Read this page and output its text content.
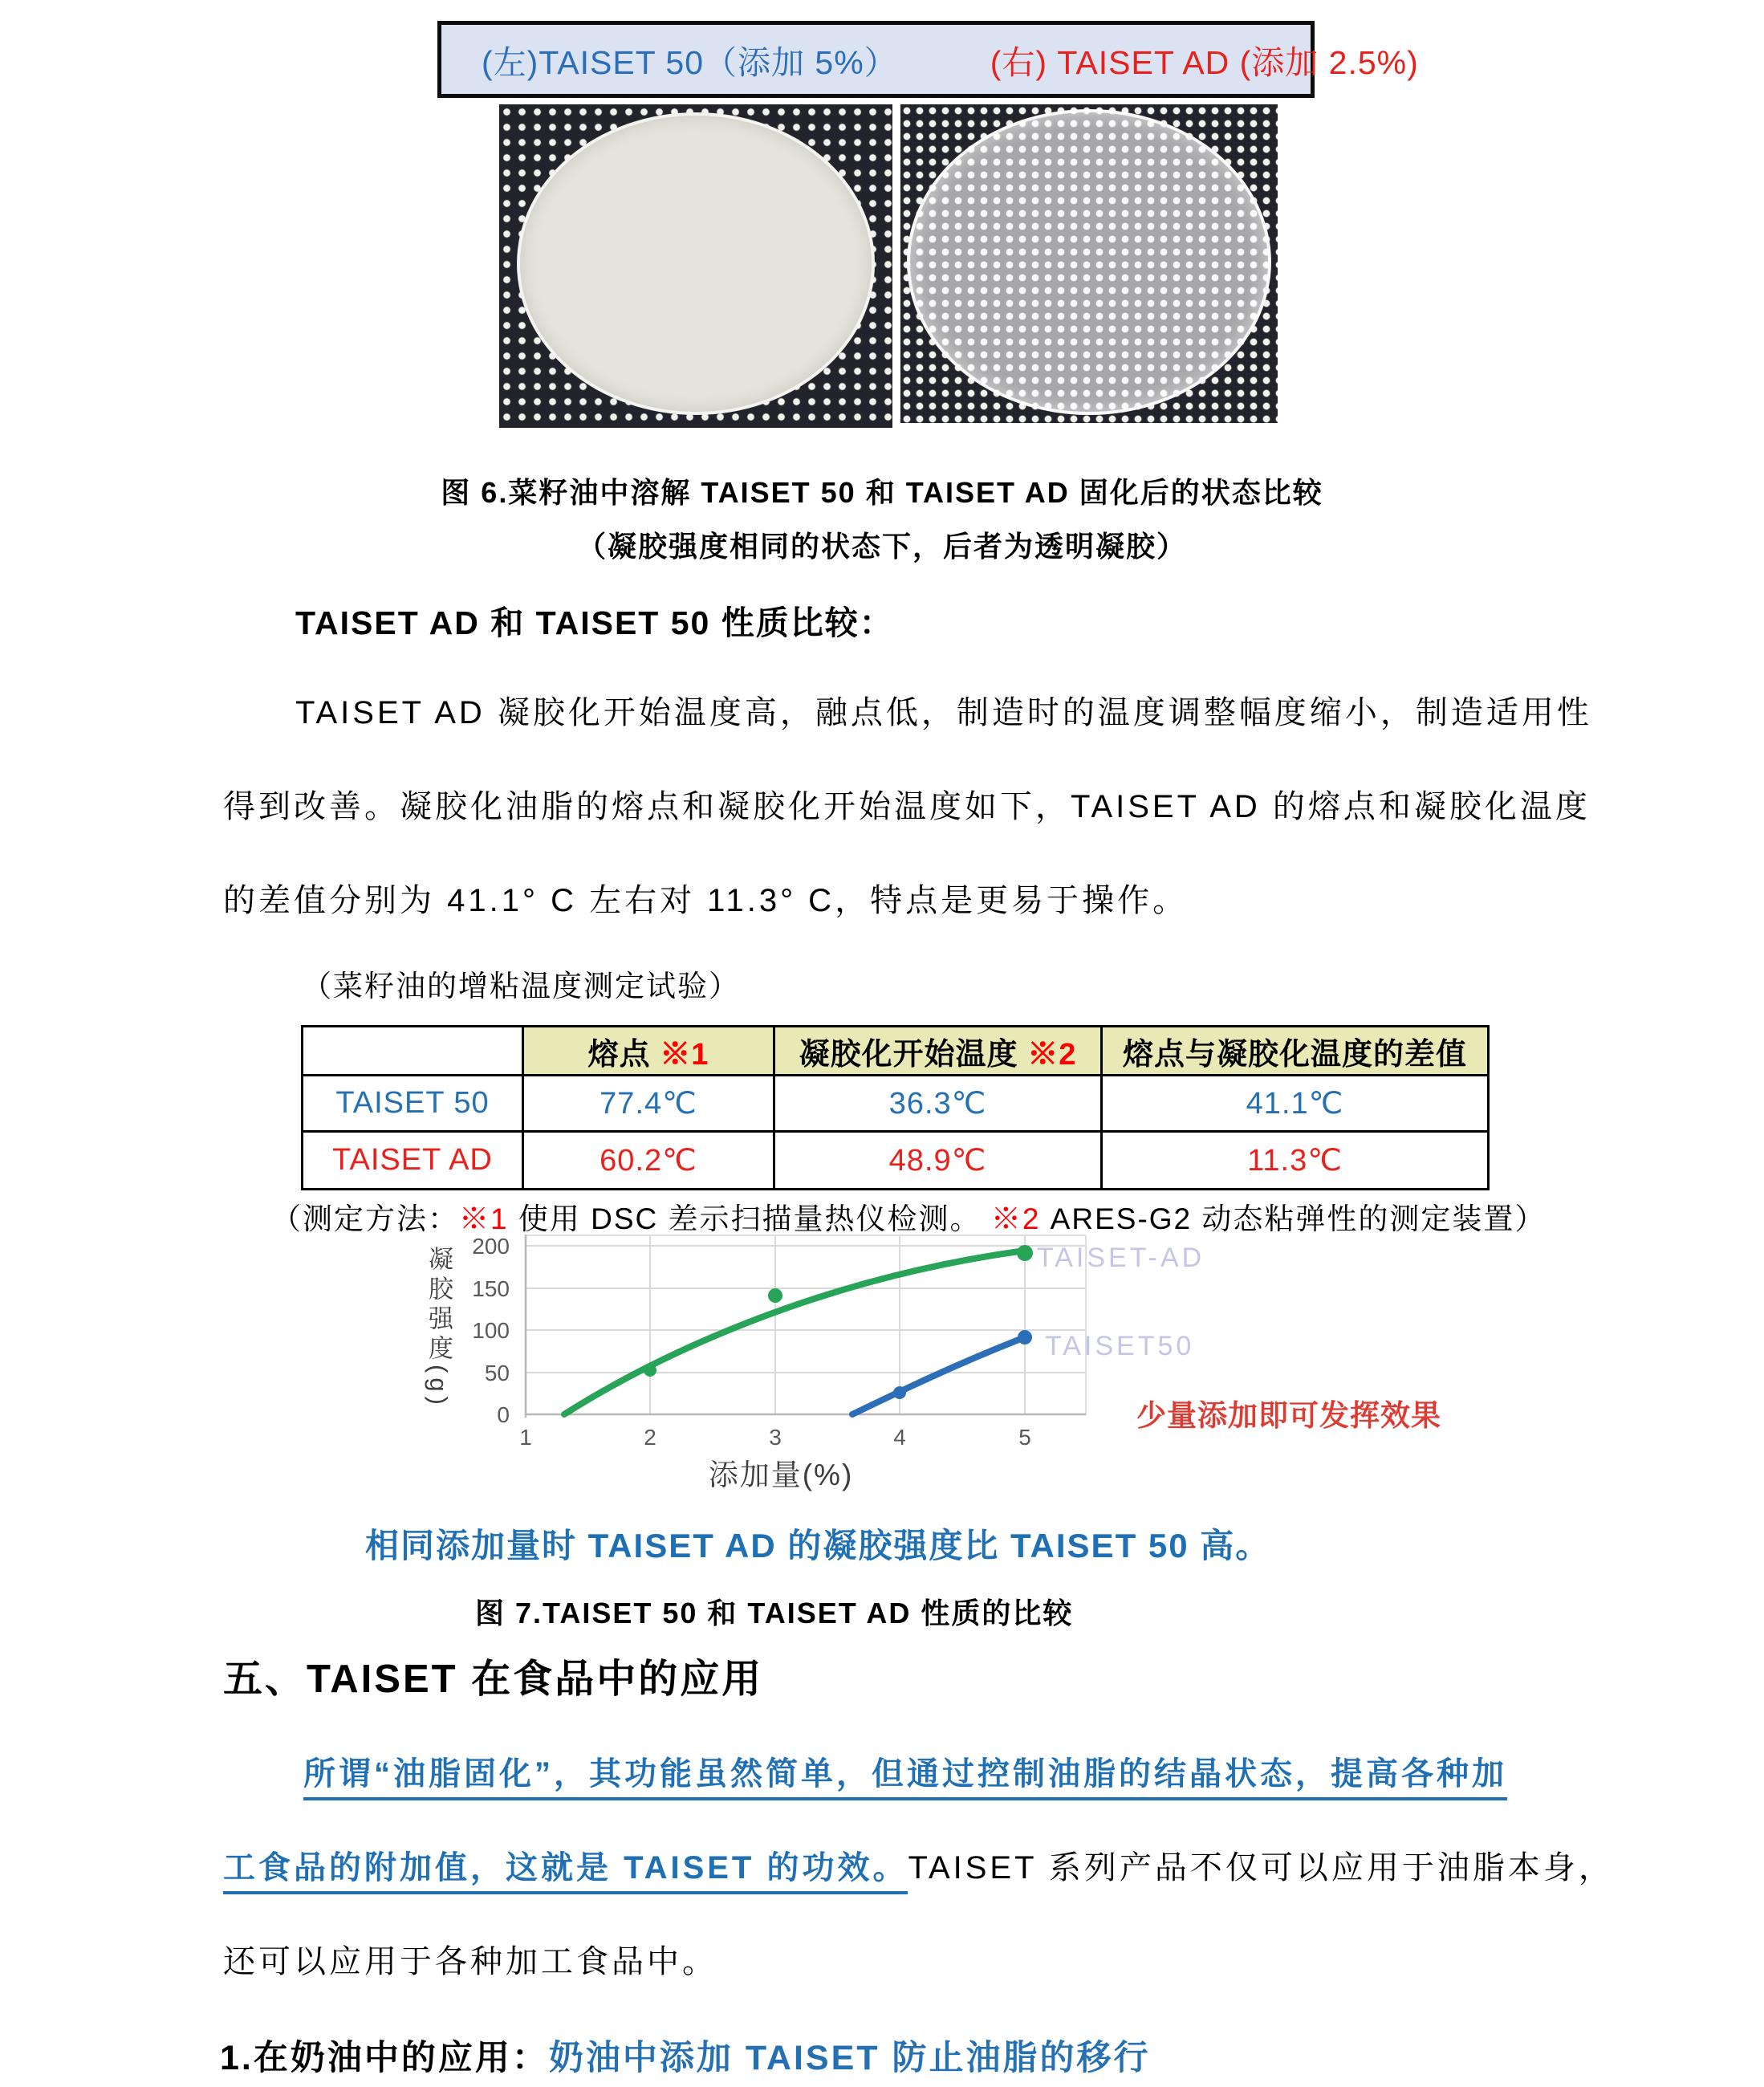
(左)TAISET 50（添加 5%）	(右) TAISET AD (添加 2.5%)
图 6.菜籽油中溶解 TAISET 50 和 TAISET AD 固化后的状态比较
（凝胶强度相同的状态下，后者为透明凝胶）
TAISET AD 和 TAISET 50 性质比较：
TAISET AD 凝胶化开始温度高，融点低，制造时的温度调整幅度缩小，制造适用性
得到改善。凝胶化油脂的熔点和凝胶化开始温度如下，TAISET AD 的熔点和凝胶化温度
的差值分别为 41.1° C 左右对 11.3° C，特点是更易于操作。
（菜籽油的增粘温度测定试验）
	熔点 ※1	凝胶化开始温度 ※2	熔点与凝胶化温度的差值
TAISET 50	77.4℃	36.3℃	41.1℃
TAISET AD	60.2℃	48.9℃	11.3℃
（测定方法：※1 使用 DSC 差示扫描量热仪检测。 ※2 ARES-G2 动态粘弹性的测定装置）
凝胶强度(g)	TAISET-AD
TAISET50
200
150
100
50
0
1	2	3	4	5
添加量(%)
少量添加即可发挥效果
相同添加量时 TAISET AD 的凝胶强度比 TAISET 50 高。
图 7.TAISET 50 和 TAISET AD 性质的比较
五、TAISET 在食品中的应用
所谓“油脂固化”，其功能虽然简单，但通过控制油脂的结晶状态，提高各种加
工食品的附加值，这就是 TAISET 的功效。TAISET 系列产品不仅可以应用于油脂本身，
还可以应用于各种加工食品中。
1.在奶油中的应用：奶油中添加 TAISET 防止油脂的移行
